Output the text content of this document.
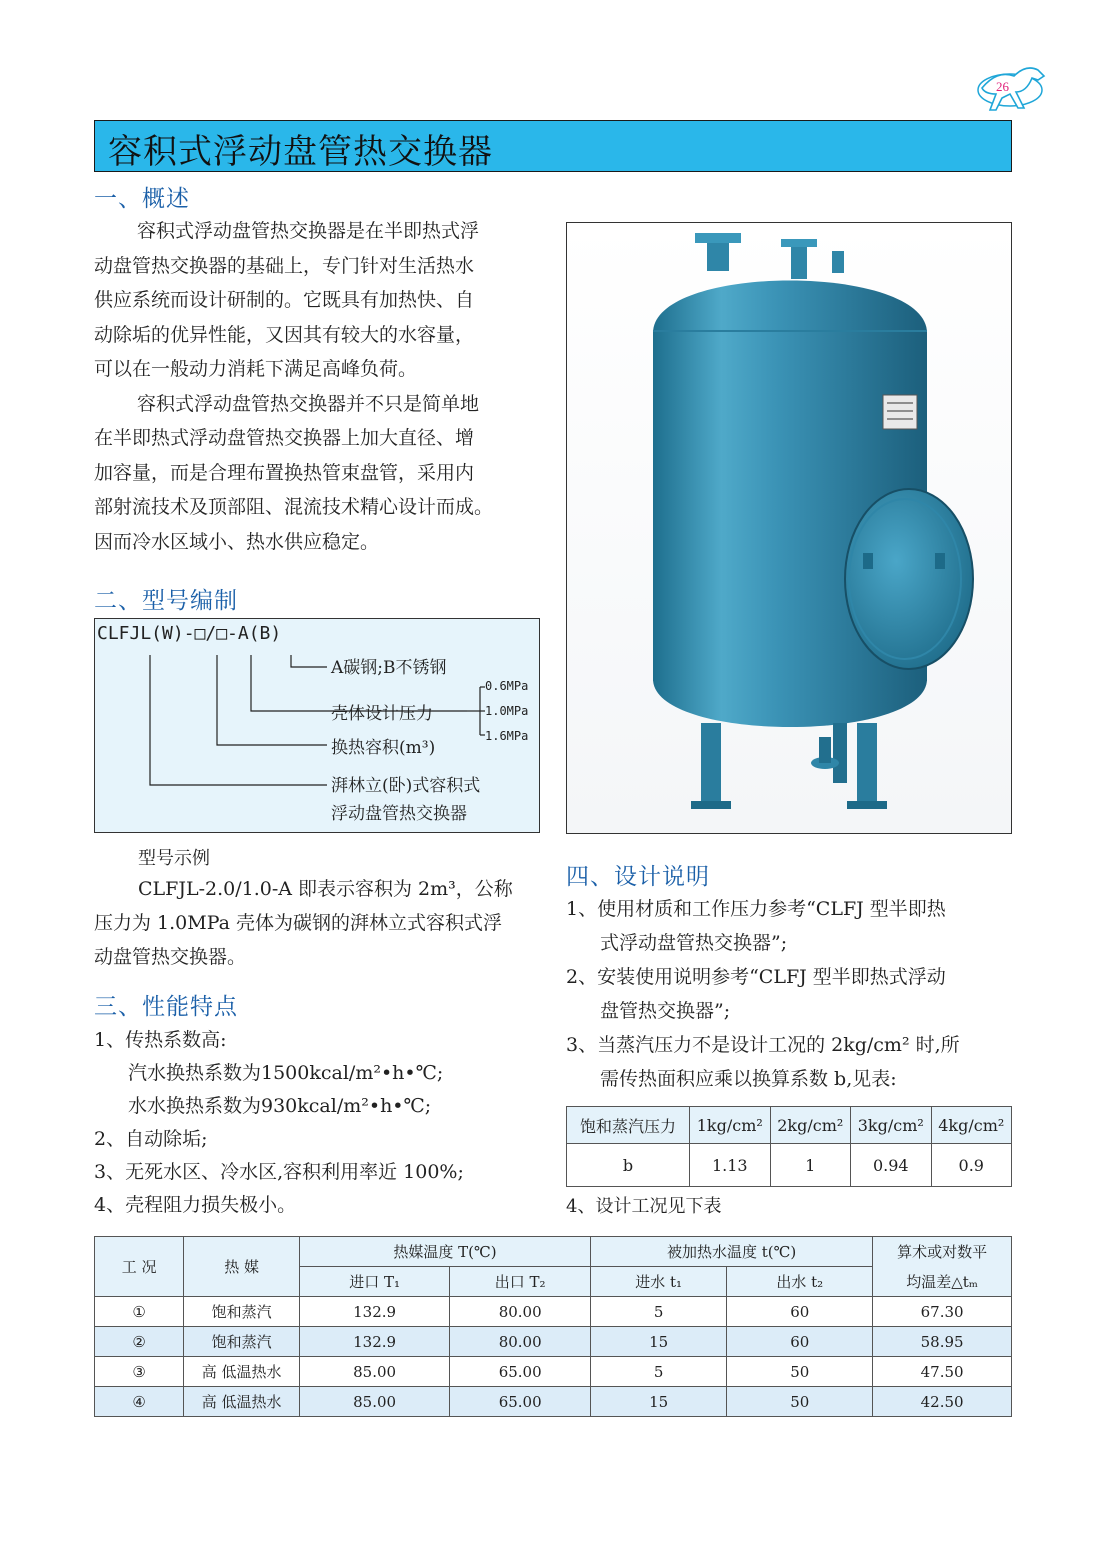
26
容积式浮动盘管热交换器
一、概述
容积式浮动盘管热交换器是在半即热式浮
动盘管热交换器的基础上，专门针对生活热水
供应系统而设计研制的。它既具有加热快、自
动除垢的优异性能，又因其有较大的水容量，
可以在一般动力消耗下满足高峰负荷。
容积式浮动盘管热交换器并不只是简单地
在半即热式浮动盘管热交换器上加大直径、增
加容量，而是合理布置换热管束盘管，采用内
部射流技术及顶部阻、混流技术精心设计而成。
因而冷水区域小、热水供应稳定。
二、型号编制
CLFJL(W)-□/□-A(B)
A碳钢;B不锈钢
0.6MPa
壳体设计压力	1.0MPa
1.6MPa
换热容积(m³)
湃林立(卧)式容积式
浮动盘管热交换器
型号示例
CLFJL-2.0/1.0-A 即表示容积为 2m³，公称
压力为 1.0MPa 壳体为碳钢的湃林立式容积式浮
动盘管热交换器。
三、性能特点
1、传热系数高:
汽水换热系数为1500kcal/m²•h•℃;
水水换热系数为930kcal/m²•h•℃;
2、自动除垢;
3、无死水区、冷水区,容积利用率近 100%;
4、壳程阻力损失极小。
四、设计说明
1、使用材质和工作压力参考“CLFJ 型半即热
式浮动盘管热交换器”;
2、安装使用说明参考“CLFJ 型半即热式浮动
盘管热交换器”;
3、当蒸汽压力不是设计工况的 2kg/cm² 时,所
需传热面积应乘以换算系数 b,见表:
饱和蒸汽压力	1kg/cm²	2kg/cm²	3kg/cm²	4kg/cm²
b	1.13	1	0.94	0.9
4、设计工况见下表
工 况	热 媒	热媒温度 T(℃)		被加热水温度 t(℃)		算术或对数平
		进口 T₁	出口 T₂	进水 t₁	出水 t₂	均温差△tₘ
①	饱和蒸汽	132.9	80.00	5	60	67.30
②	饱和蒸汽	132.9	80.00	15	60	58.95
③	高 低温热水	85.00	65.00	5	50	47.50
④	高 低温热水	85.00	65.00	15	50	42.50
